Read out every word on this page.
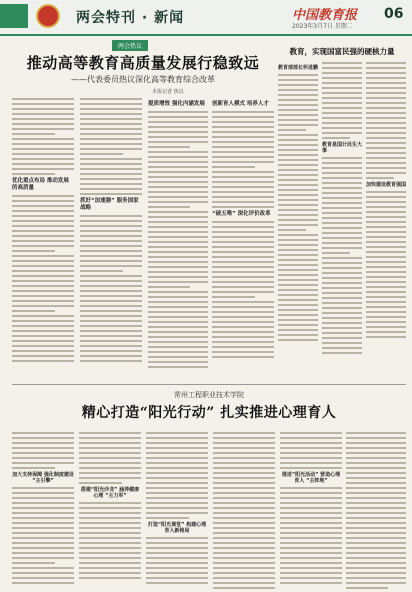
两会特刊 · 新闻	中国教育报
2023年3月7日 星期二
06
两会热议
推动高等教育高质量发展行稳致远
——代表委员热议深化高等教育综合改革
本报记者 焦以
优化重点布局 推动发展的高质量
抓好“加速器” 服务国家战略
提质增效 强化内涵发展	创新育人模式 培养人才
“破五唯” 深化评价改革
教育，实现国富民强的硬核力量
教育部部长怀进鹏
教育是国计民生大事
加快建设教育强国
常州工程职业技术学院
精心打造“阳光行动” 扎实推进心理育人
加大支持保障 强化制度建设 “主引擎”
搭建“阳光沙龙” 涵养健康心理 “主力军”
打造“阳光课堂” 构建心理育人新格局
推进“阳光活动” 营造心理育人 “主阵地”
